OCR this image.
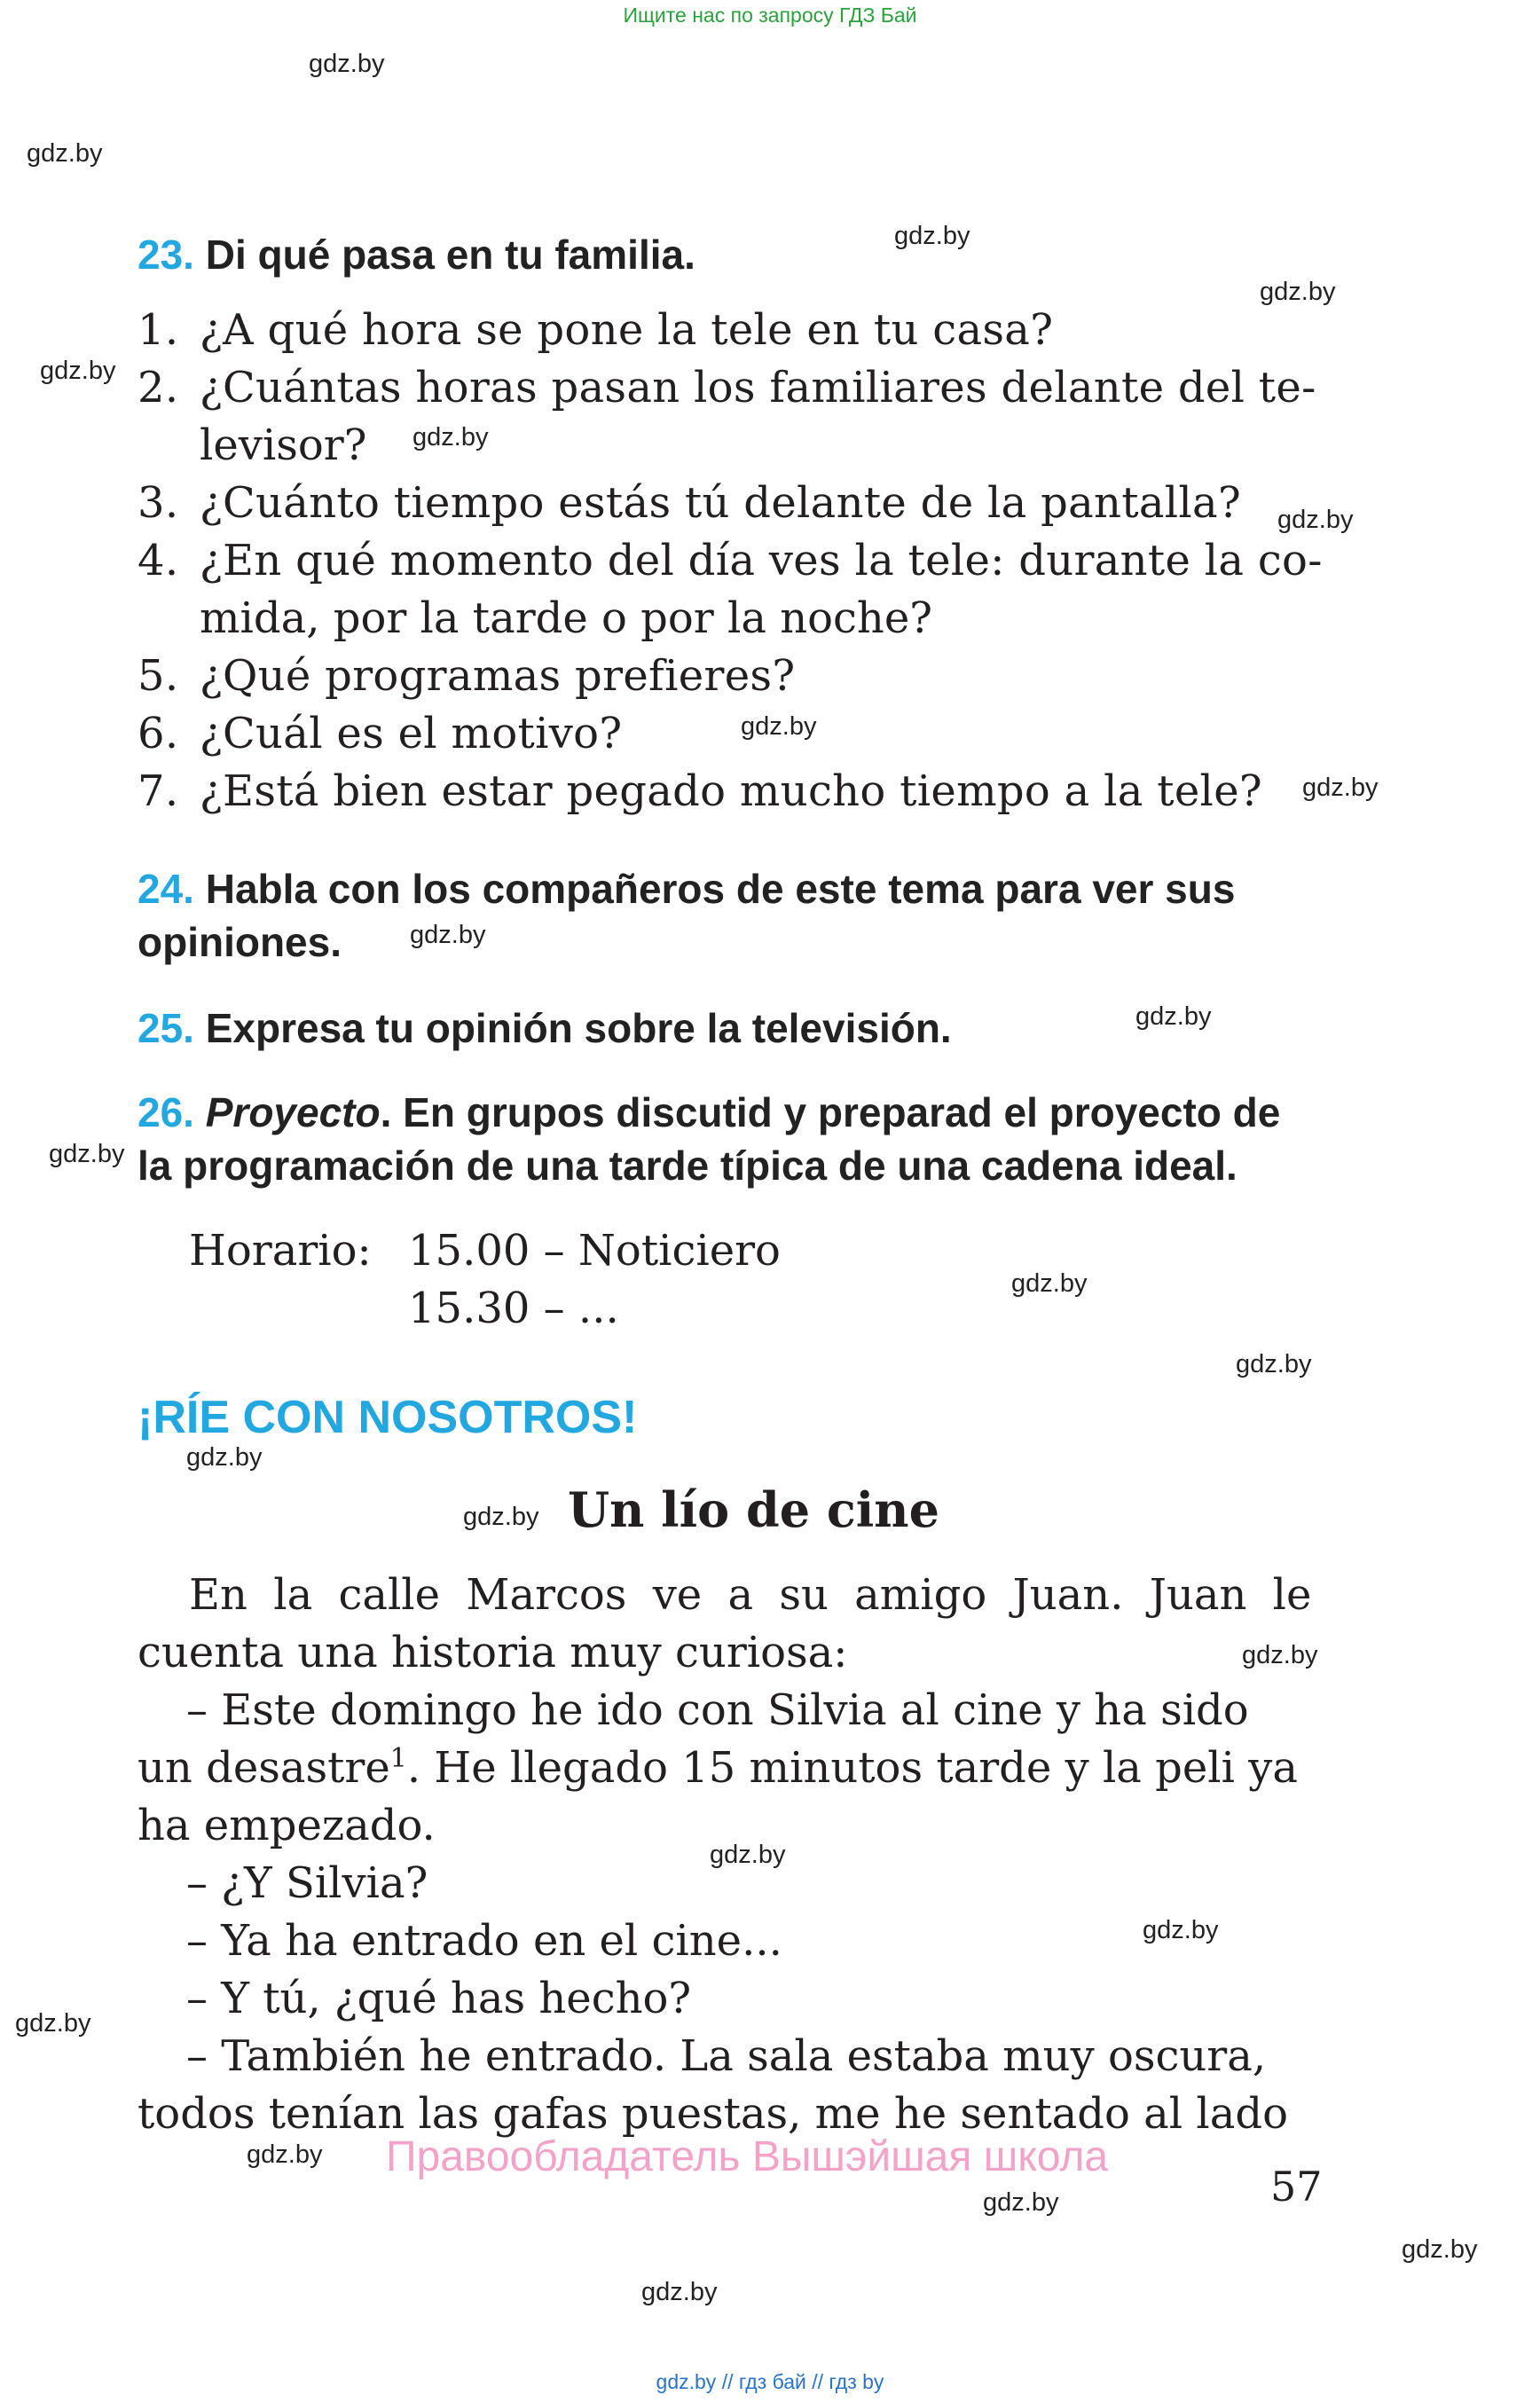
Ищите нас по запросу ГДЗ Бай
gdz.by
gdz.by
gdz.by
gdz.by
gdz.by
gdz.by
gdz.by
gdz.by
gdz.by
gdz.by
gdz.by
gdz.by
gdz.by
gdz.by
gdz.by
gdz.by
gdz.by
gdz.by
gdz.by
gdz.by
gdz.by
gdz.by
gdz.by
gdz.by
23. Di qué pasa en tu familia.
1. ¿A qué hora se pone la tele en tu casa?
2. ¿Cuántas horas pasan los familiares delante del te-
levisor?
3. ¿Cuánto tiempo estás tú delante de la pantalla?
4. ¿En qué momento del día ves la tele: durante la co-
mida, por la tarde o por la noche?
5. ¿Qué programas prefieres?
6. ¿Cuál es el motivo?
7. ¿Está bien estar pegado mucho tiempo a la tele?
24. Habla con los compañeros de este tema para ver sus
opiniones.
25. Expresa tu opinión sobre la televisión.
26. Proyecto. En grupos discutid y preparad el proyecto de
la programación de una tarde típica de una cadena ideal.
Horario: 15.00 – Noticiero
15.30 – ...
¡RÍE CON NOSOTROS!
Un lío de cine
En la calle Marcos ve a su amigo Juan. Juan le
cuenta una historia muy curiosa:
– Este domingo he ido con Silvia al cine y ha sido
un desastre$^1$. He llegado 15 minutos tarde y la peli ya
ha empezado.
– ¿Y Silvia?
– Ya ha entrado en el cine...
– Y tú, ¿qué has hecho?
– También he entrado. La sala estaba muy oscura,
todos tenían las gafas puestas, me he sentado al lado
Правообладатель Вышэйшая школа
57
gdz.by // гдз бай // гдз by
